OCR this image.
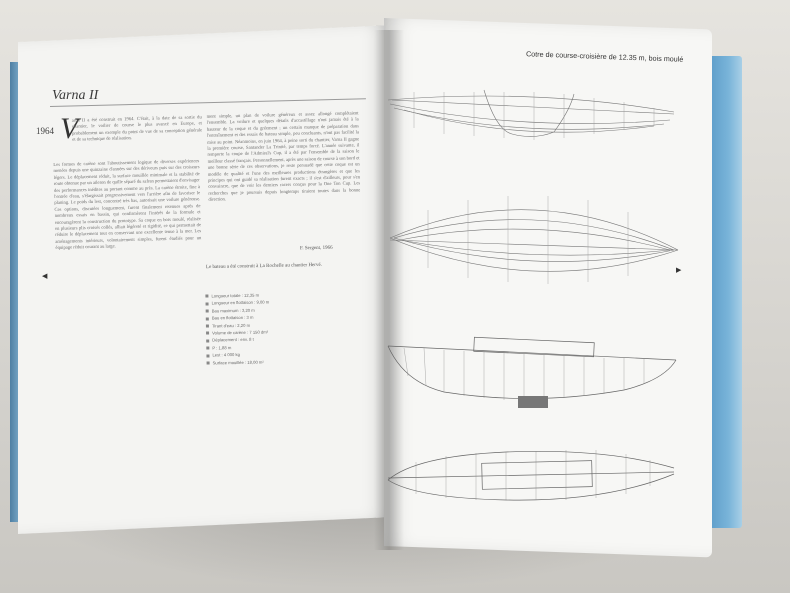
Varna II
1964 V
arna II a été construit en 1964. C'était, à la date de sa sortie du chantier, le voilier de course le plus avancé en Europe, et probablement un exemple du point de vue de sa conception générale et de sa technique de réalisation.
Les formes de carène sont l'aboutissement logique de diverses expériences menées depuis une quinzaine d'années sur des dériveurs puis sur des croiseurs légers. Le déplacement réduit, la surface mouillée minimale et la stabilité de route obtenue par un aileron de quille séparé du safran permettaient d'envisager des performances inédites au portant comme au près. La carène étroite, fine à l'entrée d'eau, s'élargissait progressivement vers l'arrière afin de favoriser le planing. Le poids du lest, concentré très bas, autorisait une voilure généreuse. Ces options, discutées longuement, furent finalement retenues après de nombreux essais en bassin, qui confirmèrent l'intérêt de la formule et encouragèrent la construction du prototype. Sa coque en bois moulé, réalisée en plusieurs plis croisés collés, alliait légèreté et rigidité, ce qui permettait de réduire le déplacement tout en conservant une excellente tenue à la mer. Les aménagements intérieurs, volontairement simples, furent étudiés pour un équipage réduit courant au large.
ment simple, un plan de voilure généreux et assez allongé complétaient l'ensemble. La voilure et quelques détails d'accastillage n'ont jamais été à la hauteur de la coque et du gréement ; un certain manque de préparation dans l'entraînement et des essais de bateau simple, peu concluants, n'ont pas facilité la mise au point. Néanmoins, en juin 1964, à peine sorti du chantier, Varna II gagne la première course, Santander La Trinité, par temps forcé. L'année suivante, il remporte la coupe de l'Admiral's Cup, il a été par l'ensemble de la saison le meilleur classé français. Personnellement, après une saison de course à son bord et une bonne série de ces observations, je reste persuadé que cette coque est un modèle de qualité et l'une des meilleures productions étrangères et que les principes qui ont guidé sa réalisation furent exacts ; il s'est d'ailleurs, pour s'en convaincre, que de voir les derniers racers conçus pour la One Ton Cup. Les recherches que je poursuis depuis longtemps tiraient toutes dans la bonne direction.
F. Sergent, 1966
Le bateau a été construit à La Rochelle au chantier Hervé.
◀
▶
Longueur totale : 12,35 m
Longueur en flottaison : 9,00 m
Bau maximum : 3,20 m
Bau en flottaison : 3 m
Tirant d'eau : 2,20 m
Volume de carène : 7 150 dm³
Déplacement : env. 8 t
P : 1,88 m
Lest : 4 000 kg
Surface mouillée : 18,00 m²
Cotre de course-croisière de 12.35 m, bois moulé
